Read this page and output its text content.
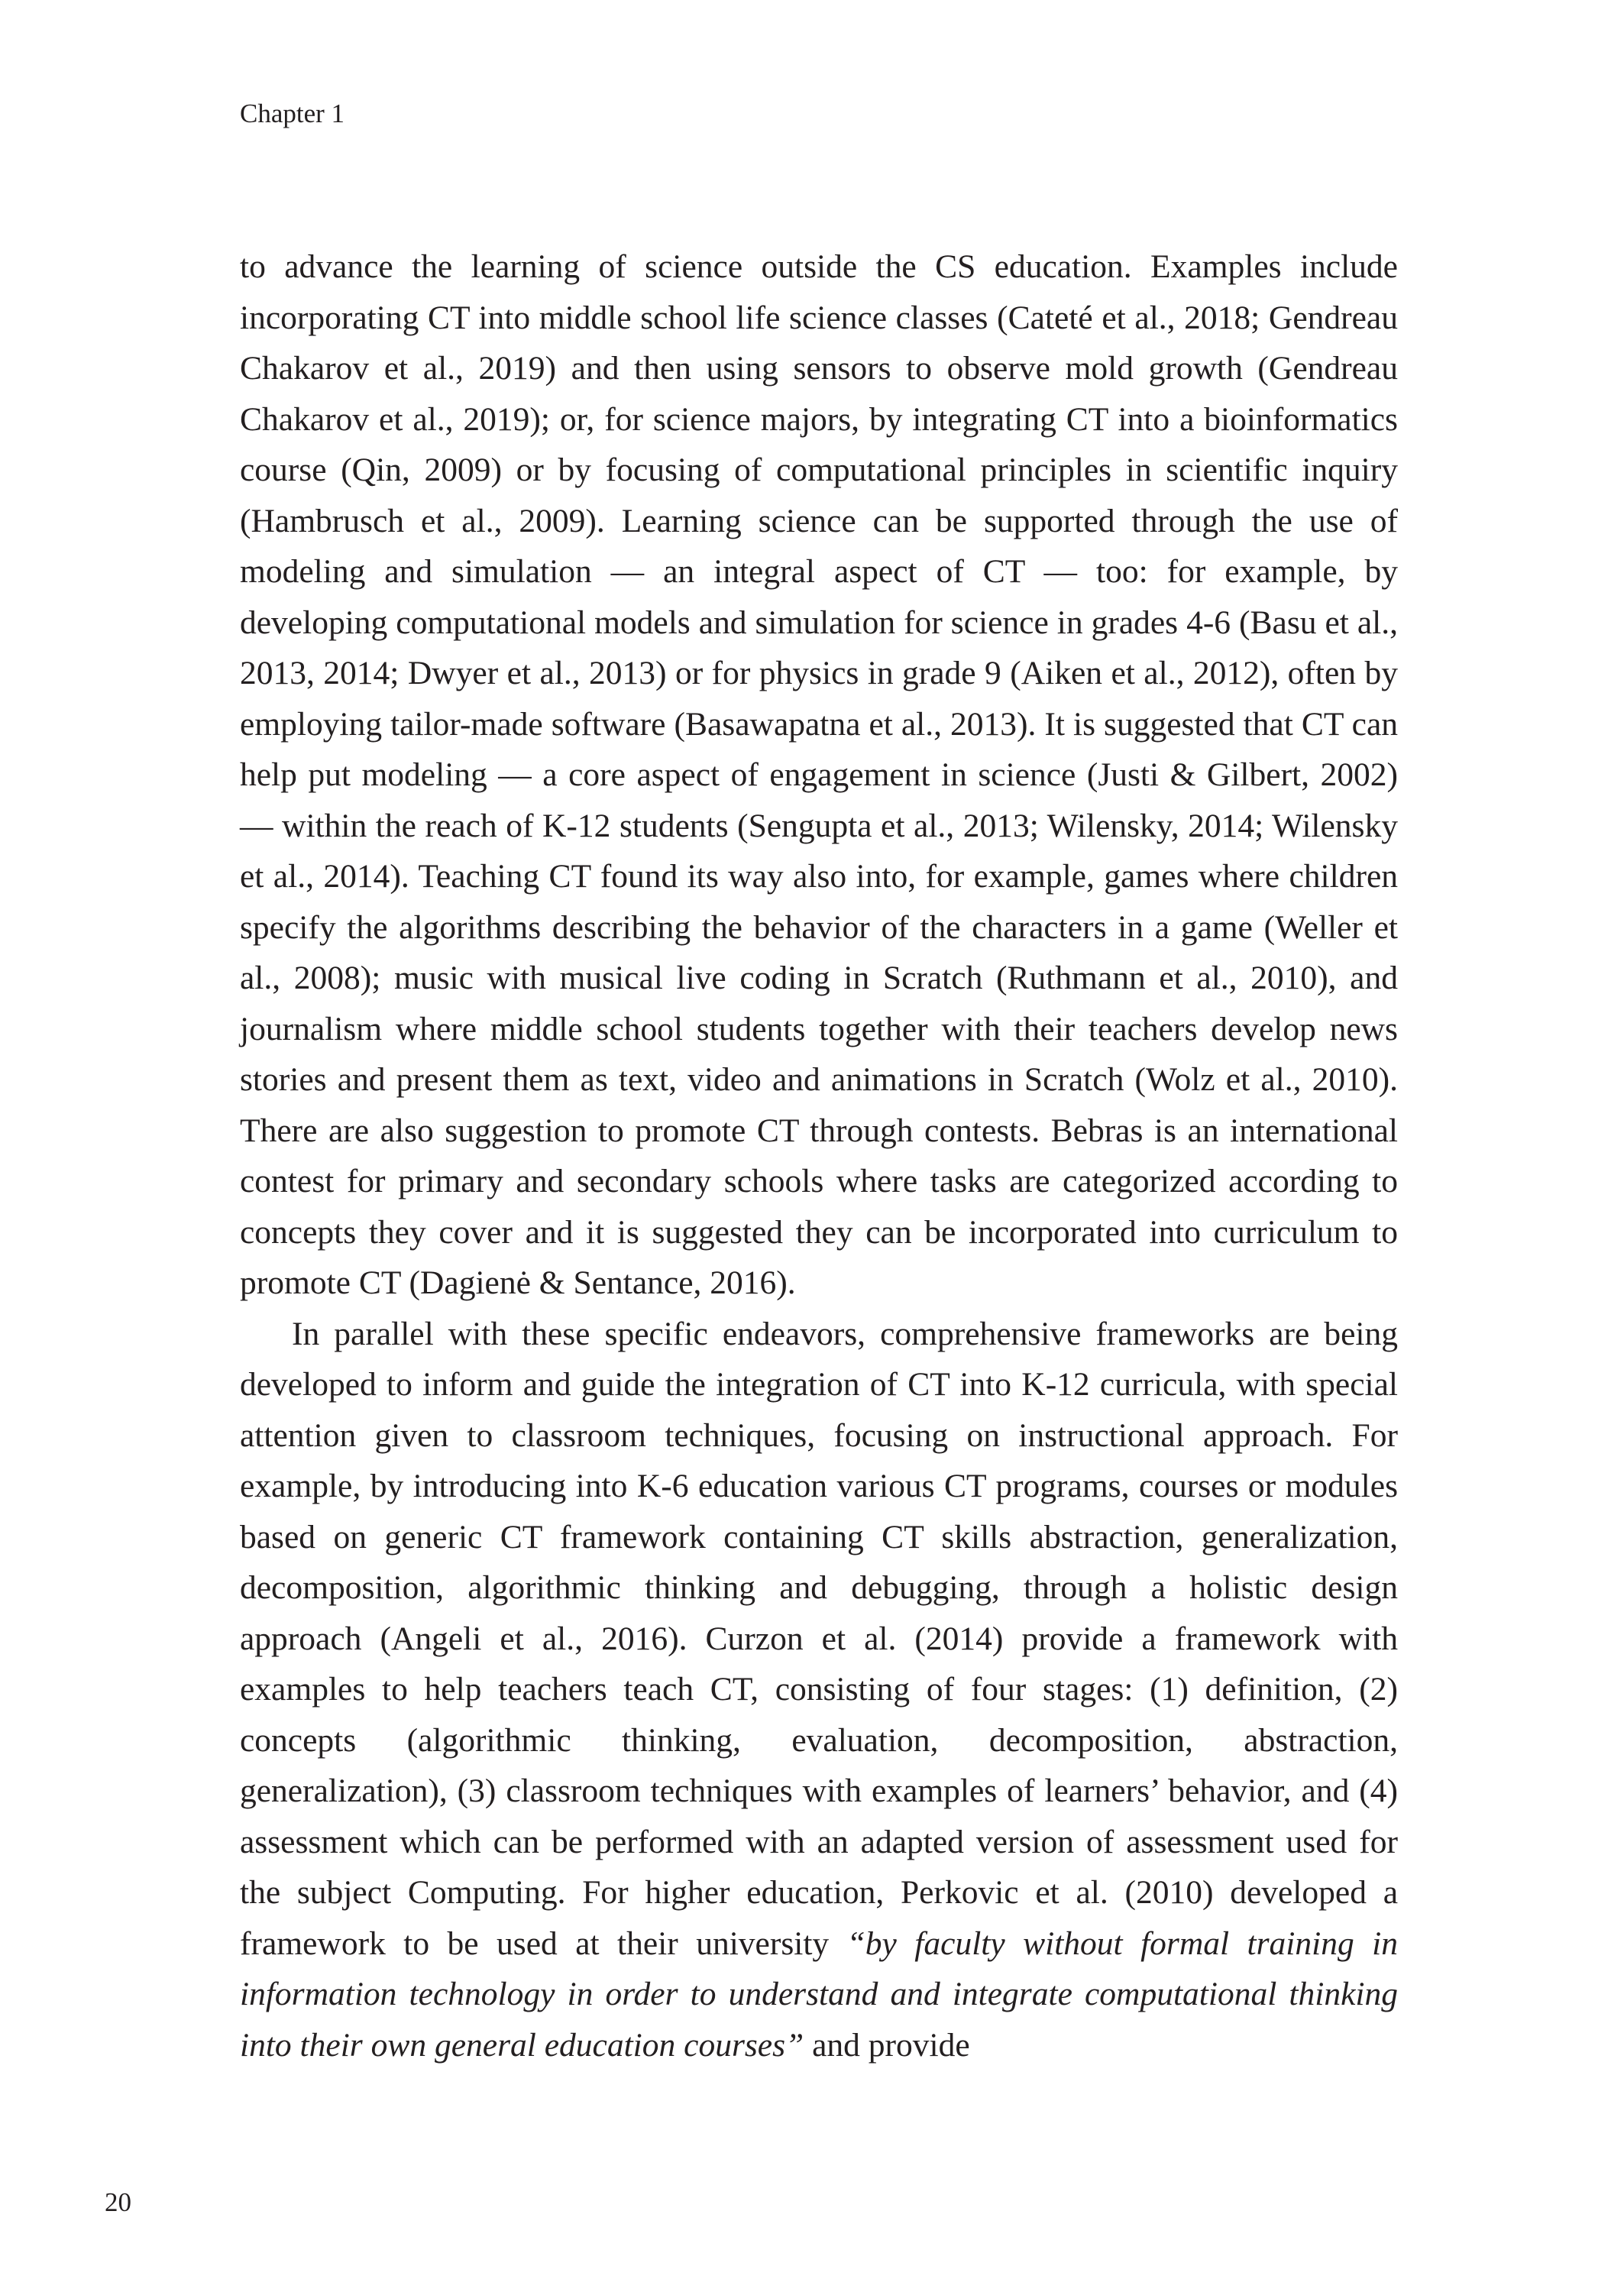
Chapter 1

to advance the learning of science outside the CS education. Examples include incorporating CT into middle school life science classes (Cateté et al., 2018; Gendreau Chakarov et al., 2019) and then using sensors to observe mold growth (Gendreau Chakarov et al., 2019); or, for science majors, by integrating CT into a bioinformatics course (Qin, 2009) or by focusing of computational principles in scientific inquiry (Hambrusch et al., 2009). Learning science can be supported through the use of modeling and simulation — an integral aspect of CT — too: for example, by developing computational models and simulation for science in grades 4-6 (Basu et al., 2013, 2014; Dwyer et al., 2013) or for physics in grade 9 (Aiken et al., 2012), often by employing tailor-made software (Basawapatna et al., 2013). It is suggested that CT can help put modeling — a core aspect of engagement in science (Justi & Gilbert, 2002) — within the reach of K-12 students (Sengupta et al., 2013; Wilensky, 2014; Wilensky et al., 2014). Teaching CT found its way also into, for example, games where children specify the algorithms describing the behavior of the characters in a game (Weller et al., 2008); music with musical live coding in Scratch (Ruthmann et al., 2010), and journalism where middle school students together with their teachers develop news stories and present them as text, video and animations in Scratch (Wolz et al., 2010). There are also suggestion to promote CT through contests. Bebras is an international contest for primary and secondary schools where tasks are categorized according to concepts they cover and it is suggested they can be incorporated into curriculum to promote CT (Dagienė & Sentance, 2016).

In parallel with these specific endeavors, comprehensive frameworks are being developed to inform and guide the integration of CT into K-12 curricula, with special attention given to classroom techniques, focusing on instructional approach. For example, by introducing into K-6 education various CT programs, courses or modules based on generic CT framework containing CT skills abstraction, generalization, decomposition, algorithmic thinking and debugging, through a holistic design approach (Angeli et al., 2016). Curzon et al. (2014) provide a framework with examples to help teachers teach CT, consisting of four stages: (1) definition, (2) concepts (algorithmic thinking, evaluation, decomposition, abstraction, generalization), (3) classroom techniques with examples of learners’ behavior, and (4) assessment which can be performed with an adapted version of assessment used for the subject Computing. For higher education, Perkovic et al. (2010) developed a framework to be used at their university “by faculty without formal training in information technology in order to understand and integrate computational thinking into their own general education courses” and provide

20
